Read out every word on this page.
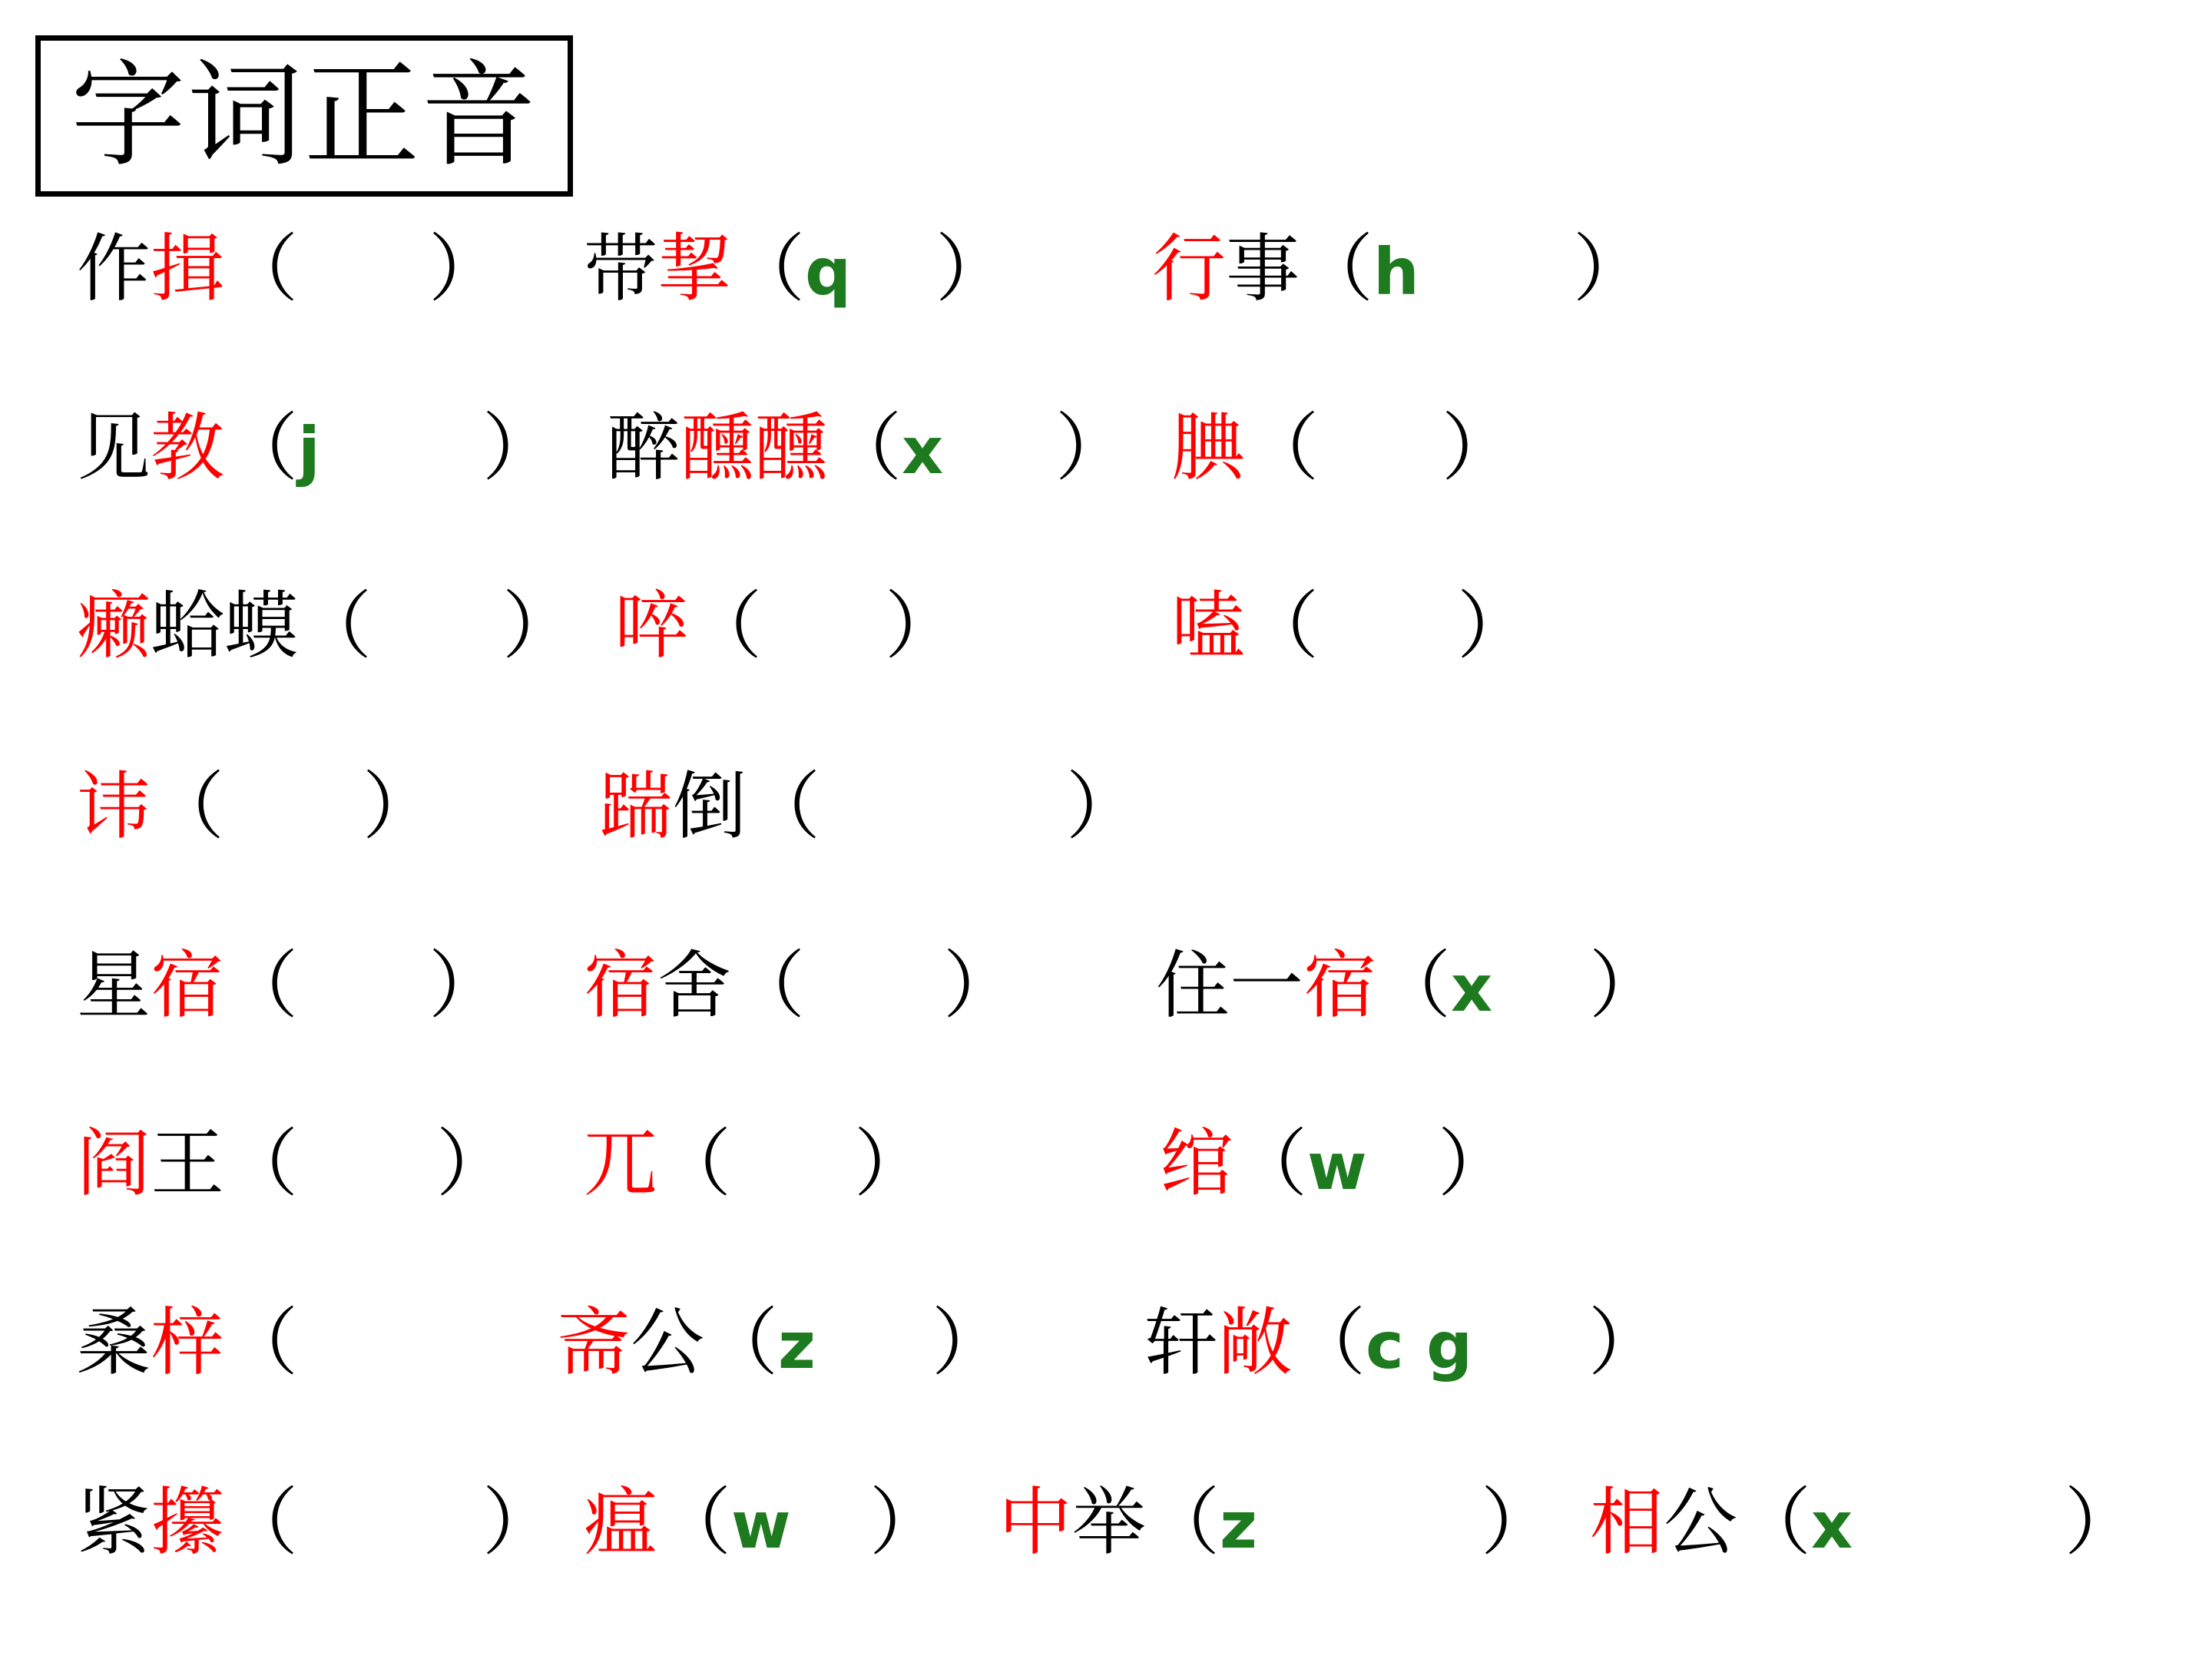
字词正音
作揖（ ） 带挈（q ） 行事（h ）
见教（j ） 醉醺醺（x ） 腆（ ）
癞蛤蟆（ ） 啐（ ）	嗑（ ）
讳（ ） 踹倒（	）
星宿（ ） 宿舍（ ） 住一宿（x ）
阎王（ ） 兀（ ）	绾（w ）
桑梓（	斋公（z ） 轩敞（c g ）
紧攥（	） 瘟（w ） 中举（z	） 相公（x	）
